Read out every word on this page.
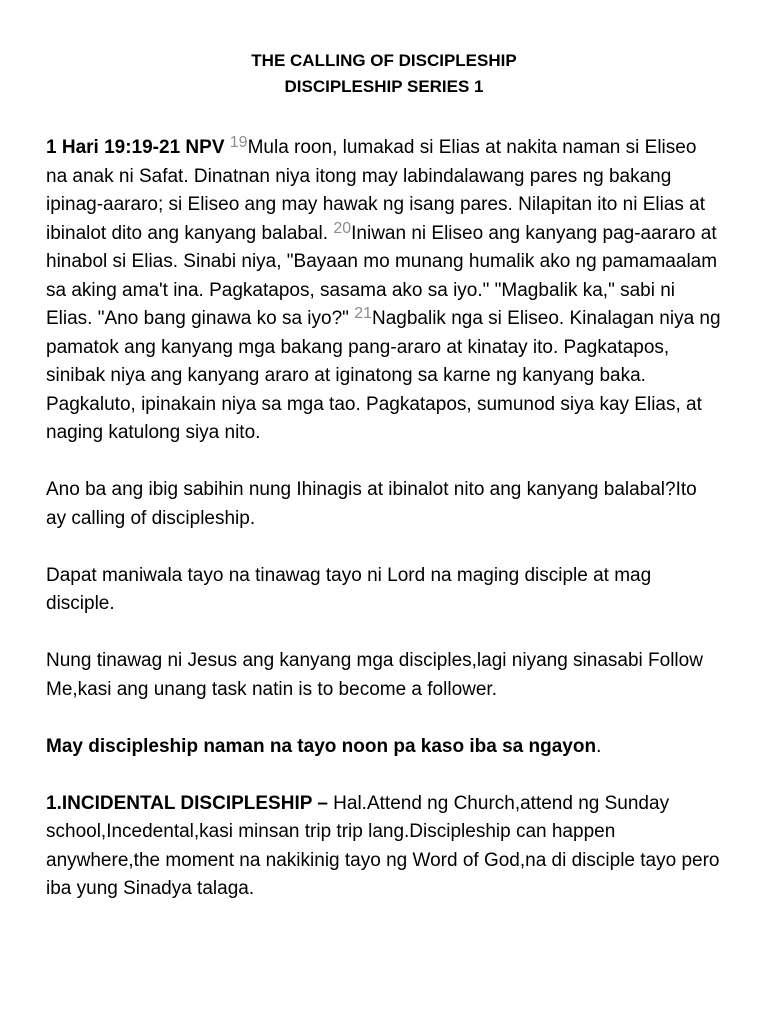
THE CALLING OF DISCIPLESHIP
DISCIPLESHIP SERIES 1

1 Hari 19:19-21 NPV $^{19}$Mula roon, lumakad si Elias at nakita naman si Eliseo na anak ni Safat. Dinatnan niya itong may labindalawang pares ng bakang ipinag-aararo; si Eliseo ang may hawak ng isang pares. Nilapitan ito ni Elias at ibinalot dito ang kanyang balabal. $^{20}$Iniwan ni Eliseo ang kanyang pag-aararo at hinabol si Elias. Sinabi niya, "Bayaan mo munang humalik ako ng pamamaalam sa aking ama't ina. Pagkatapos, sasama ako sa iyo." "Magbalik ka," sabi ni Elias. "Ano bang ginawa ko sa iyo?" $^{21}$Nagbalik nga si Eliseo. Kinalagan niya ng pamatok ang kanyang mga bakang pang-araro at kinatay ito. Pagkatapos, sinibak niya ang kanyang araro at iginatong sa karne ng kanyang baka. Pagkaluto, ipinakain niya sa mga tao. Pagkatapos, sumunod siya kay Elias, at naging katulong siya nito.

Ano ba ang ibig sabihin nung Ihinagis at ibinalot nito ang kanyang balabal?Ito ay calling of discipleship.

Dapat maniwala tayo na tinawag tayo ni Lord na maging disciple at mag disciple.

Nung tinawag ni Jesus ang kanyang mga disciples,lagi niyang sinasabi Follow Me,kasi ang unang task natin is to become a follower.

May discipleship naman na tayo noon pa kaso iba sa ngayon.

1.INCIDENTAL DISCIPLESHIP – Hal.Attend ng Church,attend ng Sunday school,Incedental,kasi minsan trip trip lang.Discipleship can happen anywhere,the moment na nakikinig tayo ng Word of God,na di disciple tayo pero iba yung Sinadya talaga.
